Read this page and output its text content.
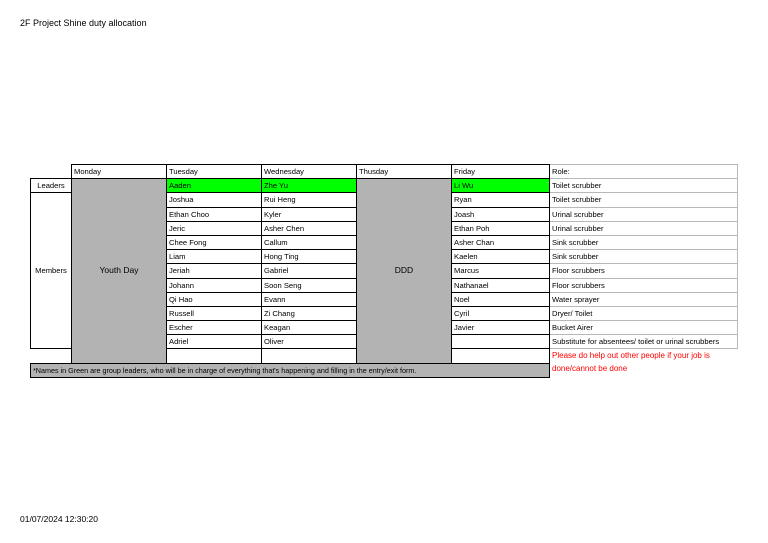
2F Project Shine duty allocation
	Monday	Tuesday	Wednesday	Thusday	Friday	Role:
Leaders	Youth Day	Aaden	Zhe Yu	DDD	Li Wu	Toilet scrubber
Members		Joshua	Rui Heng		Ryan	Toilet scrubber
		Ethan Choo	Kyler		Joash	Urinal scrubber
		Jeric	Asher Chen		Ethan Poh	Urinal scrubber
		Chee Fong	Callum		Asher Chan	Sink scrubber
		Liam	Hong Ting		Kaelen	Sink scrubber
		Jeriah	Gabriel		Marcus	Floor scrubbers
		Johann	Soon Seng		Nathanael	Floor scrubbers
		Qi Hao	Evann		Noel	Water sprayer
		Russell	Zi Chang		Cyril	Dryer/ Toilet
		Escher	Keagan		Javier	Bucket Airer
		Adriel	Oliver			Substitute for absentees/ toilet or urinal scrubbers
						Please do help out other people if your job is done/cannot be done
*Names in Green are group leaders, who will be in charge of everything that's happening and filling in the entry/exit form.						
01/07/2024 12:30:20
